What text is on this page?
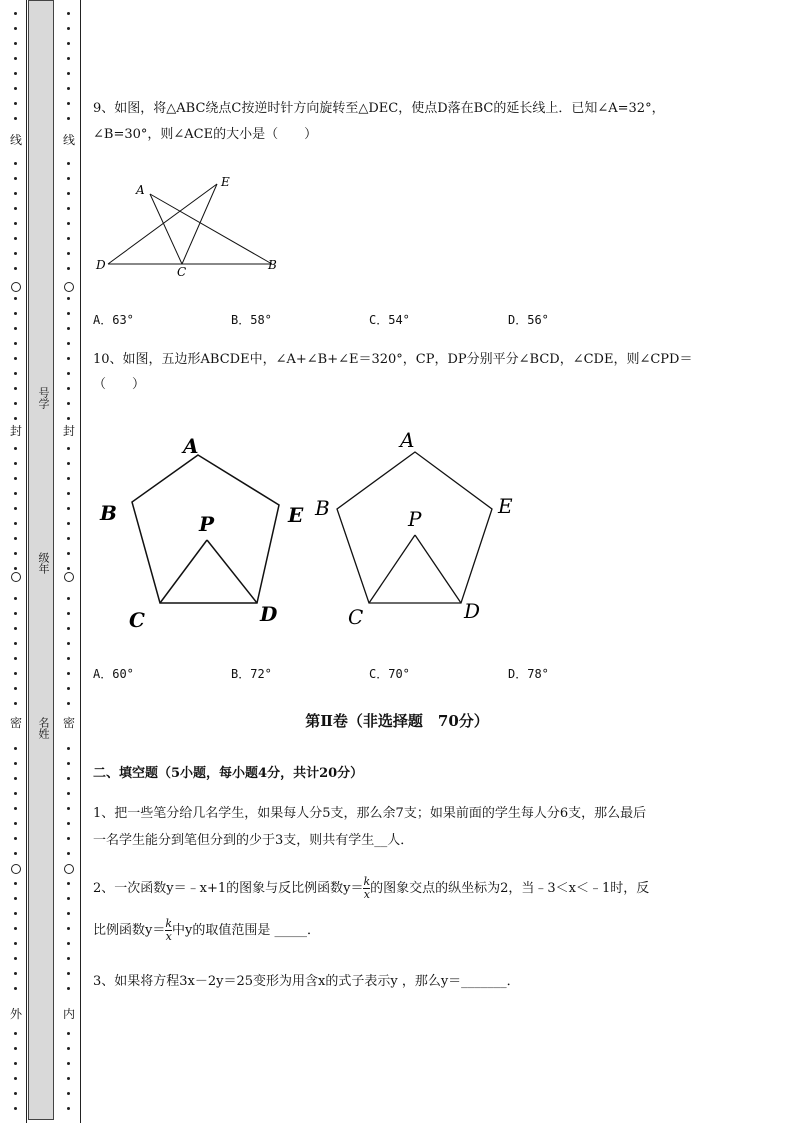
线
封
密
外
线
封
密
内
号学
级年
名姓
9、如图，将△ABC绕点C按逆时针方向旋转至△DEC，使点D落在BC的延长线上．已知∠A=32°，
∠B=30°，则∠ACE的大小是（　　）
A
E
D	C	B
A．63°	B．58°	C．54°	D．56°
10、如图，五边形ABCDE中，∠A+∠B+∠E＝320°，CP，DP分别平分∠BCD，∠CDE，则∠CPD＝
（　　）
A
B	E
P
C	D
A
B	E
P
C	D
A．60°	B．72°	C．70°	D．78°
第Ⅱ卷（非选择题　70分）
二、填空题（5小题，每小题4分，共计20分）
1、把一些笔分给几名学生，如果每人分5支，那么余7支；如果前面的学生每人分6支，那么最后
一名学生能分到笔但分到的少于3支，则共有学生__人．
2、一次函数y＝﹣x+1的图象与反比例函数$y= \frac{k}{x}$ 的图象交点的纵坐标为2，当﹣3＜x＜﹣1时，反
比例函数$y= \frac{k}{x}$ 中y的取值范围是 _____．
3、如果将方程3x－2y＝25变形为用含x的式子表示y ，那么y＝_______．
